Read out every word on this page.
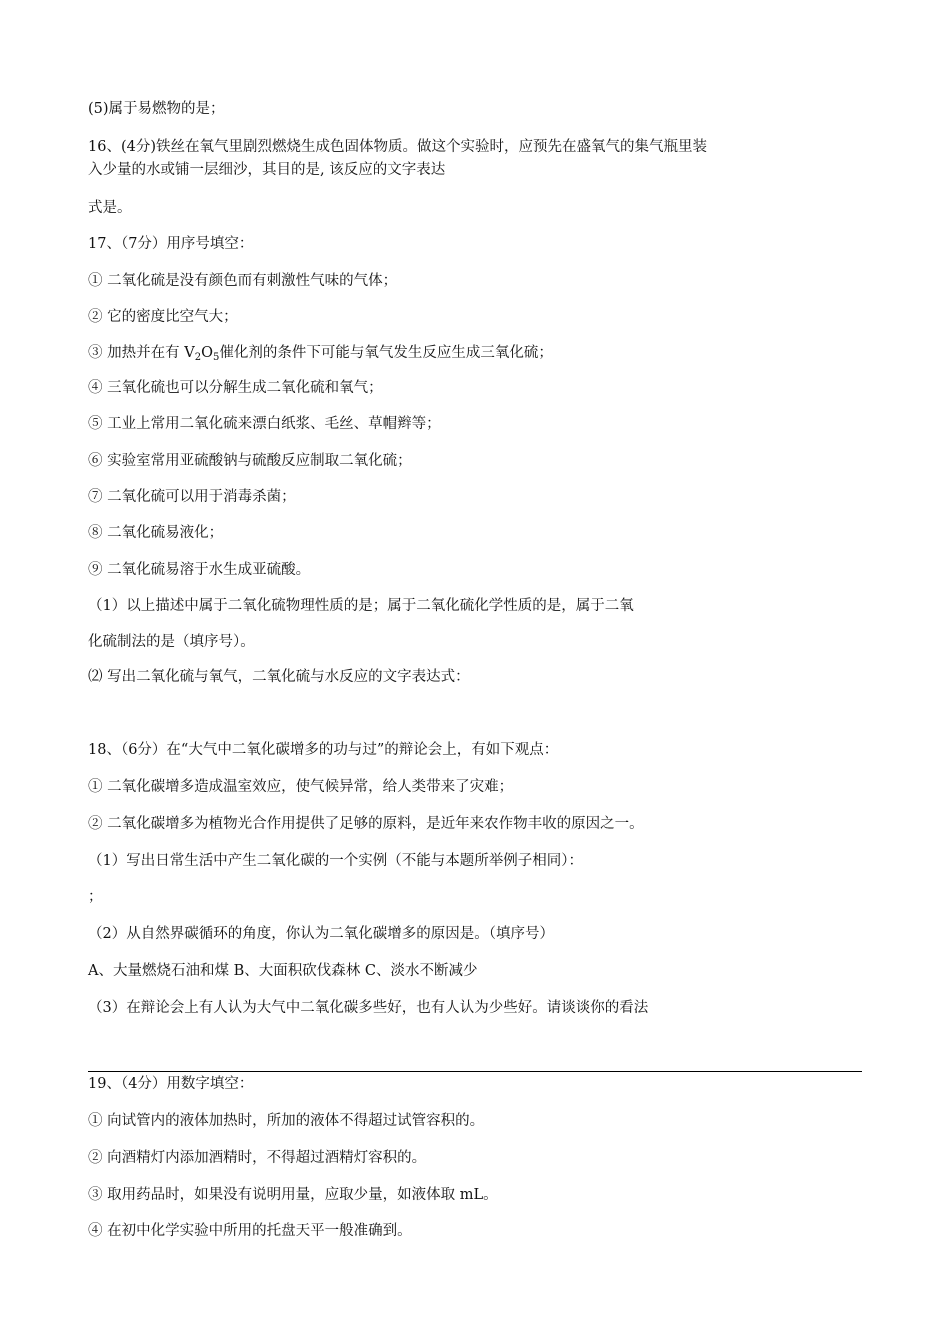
(5)属于易燃物的是；
16、(4分)铁丝在氧气里剧烈燃烧生成色固体物质。做这个实验时，应预先在盛氧气的集气瓶里装
入少量的水或铺一层细沙，其目的是, 该反应的文字表达
式是。
17、（7分）用序号填空：
① 二氧化硫是没有颜色而有刺激性气味的气体；
② 它的密度比空气大；
③ 加热并在有 $V_2O_5$催化剂的条件下可能与氧气发生反应生成三氧化硫；
④ 三氧化硫也可以分解生成二氧化硫和氧气；
⑤ 工业上常用二氧化硫来漂白纸浆、毛丝、草帽辫等；
⑥ 实验室常用亚硫酸钠与硫酸反应制取二氧化硫；
⑦ 二氧化硫可以用于消毒杀菌；
⑧ 二氧化硫易液化；
⑨ 二氧化硫易溶于水生成亚硫酸。
（1）以上描述中属于二氧化硫物理性质的是；属于二氧化硫化学性质的是，属于二氧
化硫制法的是（填序号）。
⑵ 写出二氧化硫与氧气，二氧化硫与水反应的文字表达式：
18、（6分）在“大气中二氧化碳增多的功与过”的辩论会上，有如下观点：
① 二氧化碳增多造成温室效应，使气候异常，给人类带来了灾难；
② 二氧化碳增多为植物光合作用提供了足够的原料，是近年来农作物丰收的原因之一。
（1）写出日常生活中产生二氧化碳的一个实例（不能与本题所举例子相同）：
；
（2）从自然界碳循环的角度，你认为二氧化碳增多的原因是。（填序号）
A、大量燃烧石油和煤 B、大面积砍伐森林 C、淡水不断减少
（3）在辩论会上有人认为大气中二氧化碳多些好，也有人认为少些好。请谈谈你的看法
19、（4分）用数字填空：
① 向试管内的液体加热时，所加的液体不得超过试管容积的。
② 向酒精灯内添加酒精时，不得超过酒精灯容积的。
③ 取用药品时，如果没有说明用量，应取少量，如液体取 mL。
④ 在初中化学实验中所用的托盘天平一般准确到。
